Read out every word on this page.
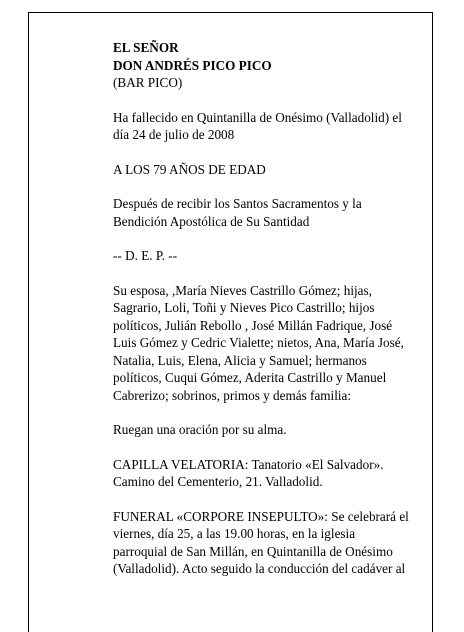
EL SEÑOR
DON ANDRÉS PICO PICO
(BAR PICO)

Ha fallecido en Quintanilla de Onésimo (Valladolid) el
día 24 de julio de 2008

A LOS 79 AÑOS DE EDAD

Después de recibir los Santos Sacramentos y la
Bendición Apostólica de Su Santidad

-- D. E. P. --

Su esposa, ,María Nieves Castrillo Gómez; hijas,
Sagrario, Loli, Toñi y Nieves Pico Castrillo; hijos
políticos, Julián Rebollo , José Millán Fadrique, José
Luis Gómez y Cedric Vialette; nietos, Ana, María José,
Natalia, Luis, Elena, Alicia y Samuel; hermanos
políticos, Cuqui Gómez, Aderita Castrillo y Manuel
Cabrerizo; sobrinos, primos y demás familia:

Ruegan una oración por su alma.

CAPILLA VELATORIA: Tanatorio «El Salvador».
Camino del Cementerio, 21. Valladolid.

FUNERAL «CORPORE INSEPULTO»: Se celebrará el
viernes, día 25, a las 19.00 horas, en la iglesia
parroquial de San Millán, en Quintanilla de Onésimo
(Valladolid). Acto seguido la conducción del cadáver al
